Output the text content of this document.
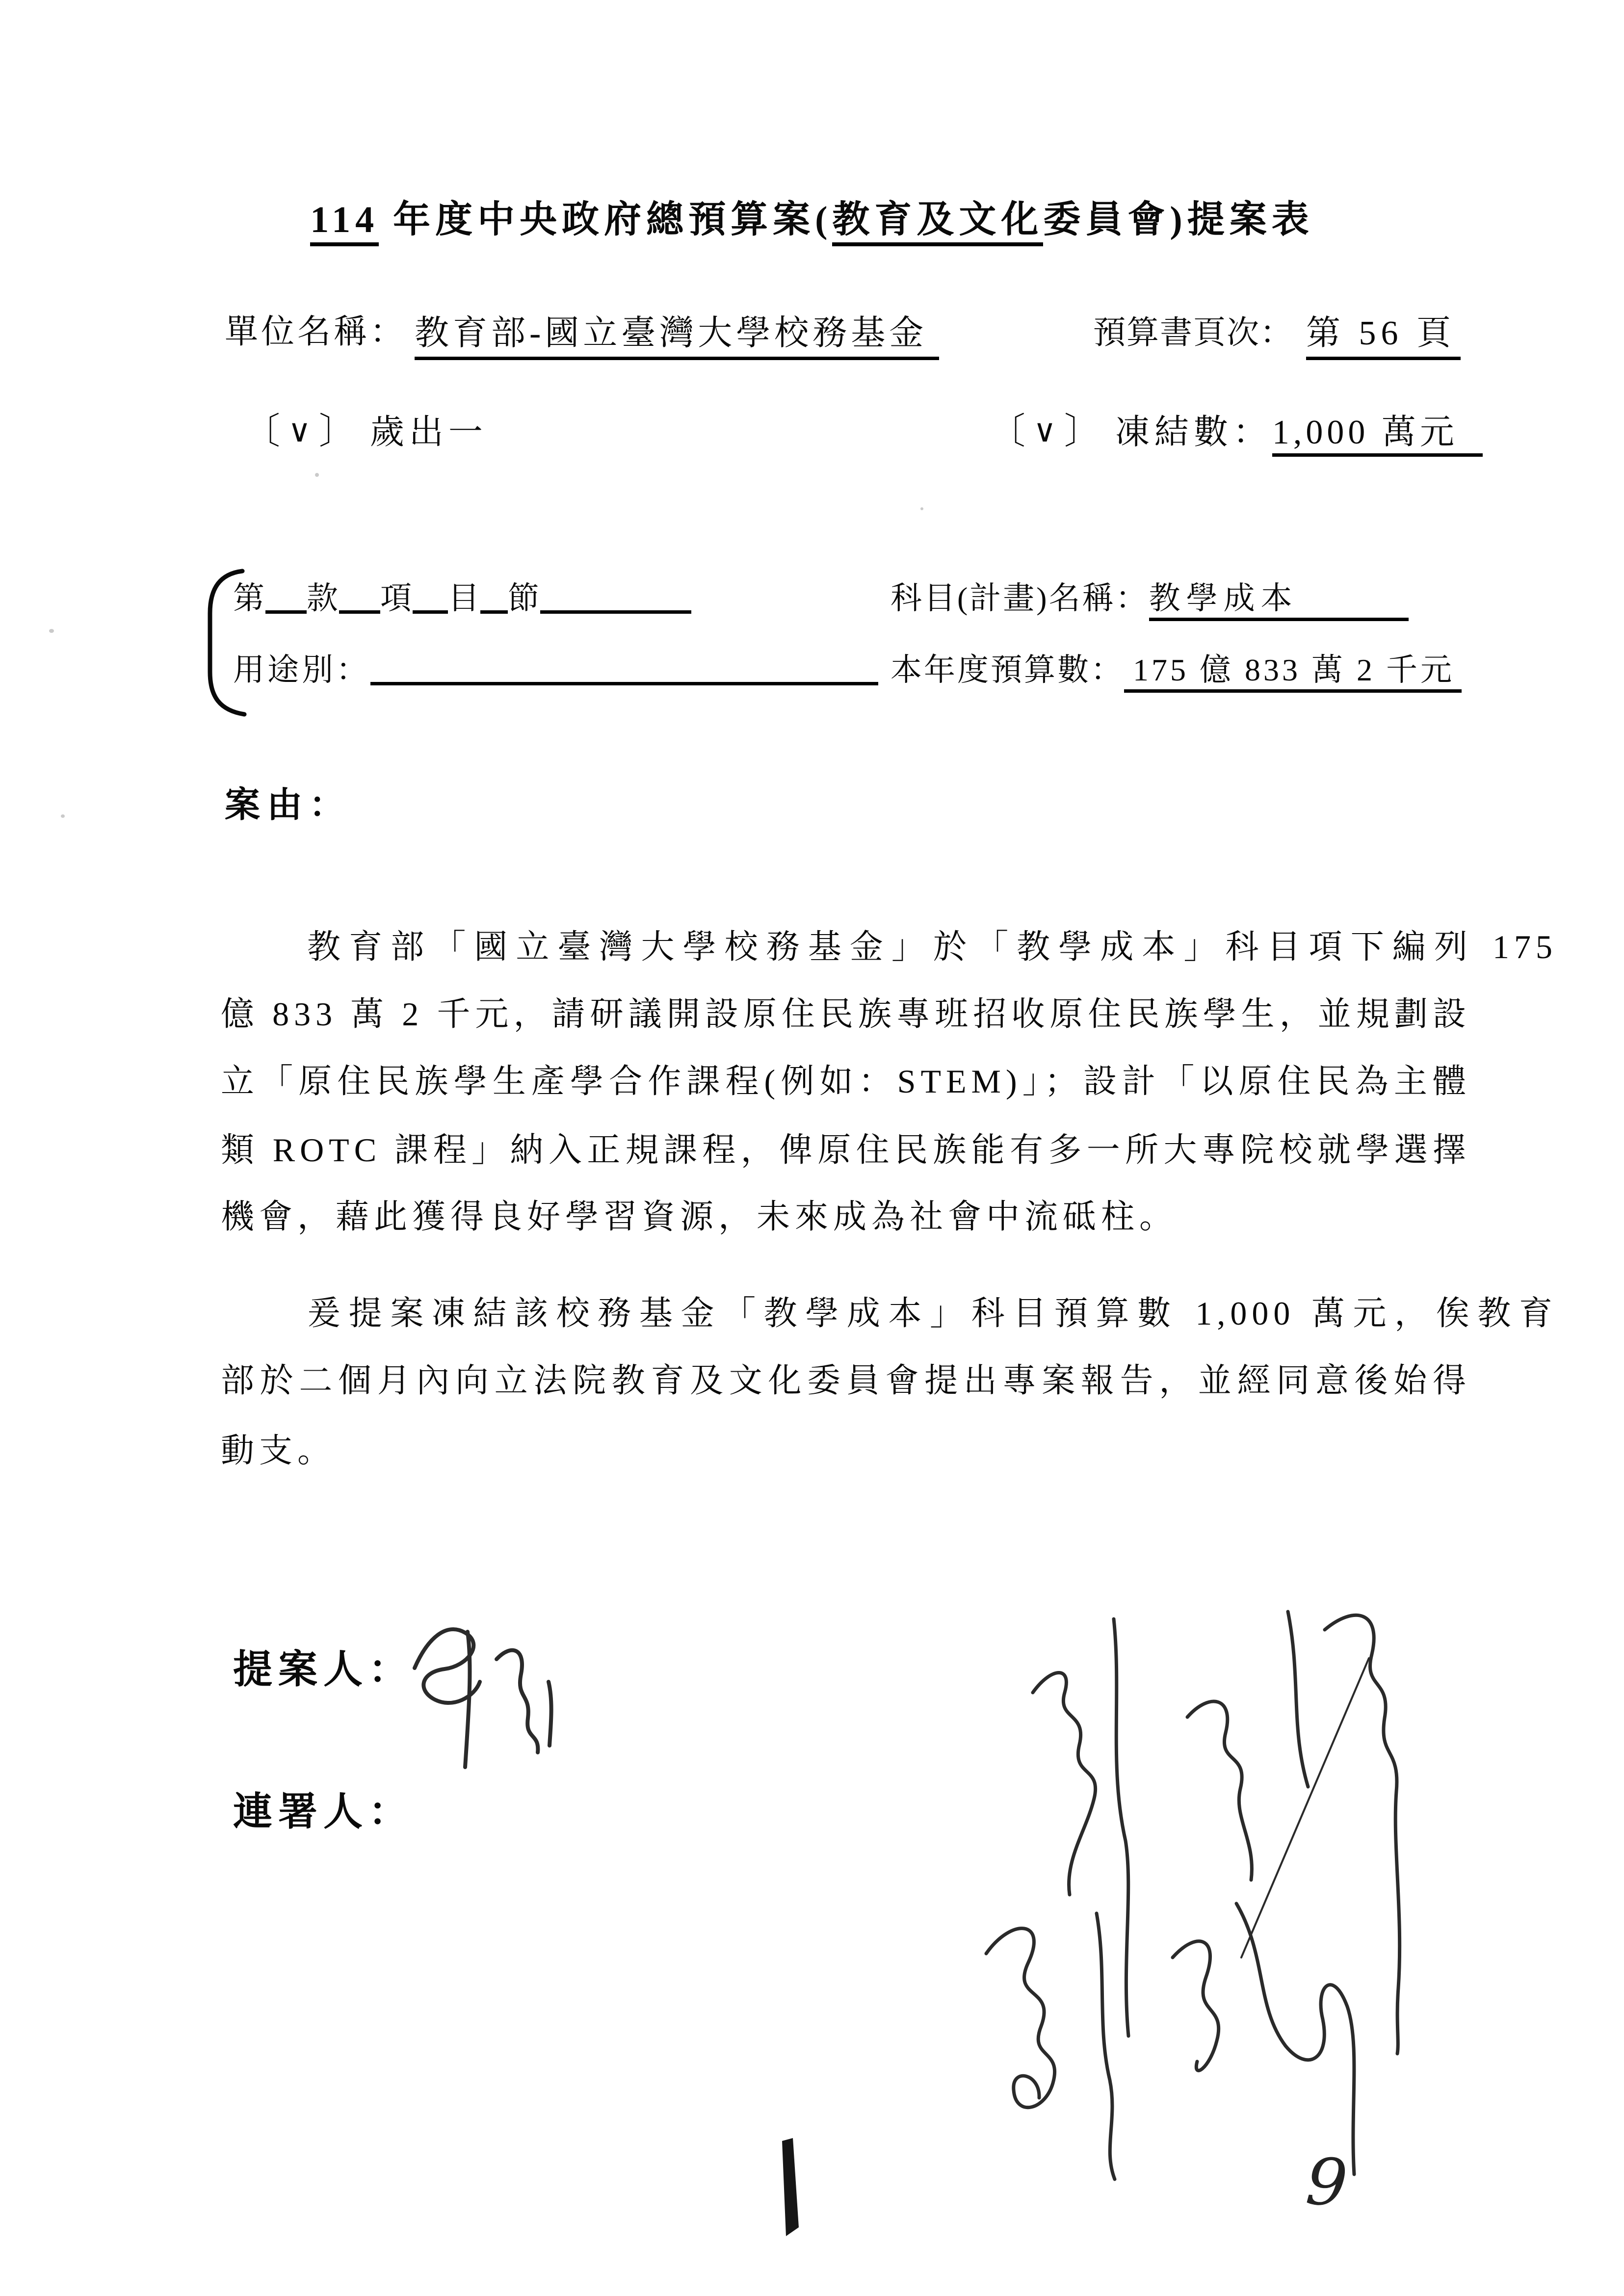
114 年度中央政府總預算案(教育及文化委員會)提案表
單位名稱： 教育部-國立臺灣大學校務基金	預算書頁次： 第 56 頁
〔 ∨ 〕 歲出一	〔 ∨ 〕 凍結數：1,000 萬元
第 款 項 目 節	科目(計畫)名稱：教學成本
用途別：	本年度預算數： 175 億 833 萬 2 千元
案由：
教育部「國立臺灣大學校務基金」於「教學成本」科目項下編列 175
億 833 萬 2 千元，請研議開設原住民族專班招收原住民族學生，並規劃設
立「原住民族學生產學合作課程(例如：STEM)」；設計「以原住民為主體
類 ROTC 課程」納入正規課程，俾原住民族能有多一所大專院校就學選擇
機會，藉此獲得良好學習資源，未來成為社會中流砥柱。
爰提案凍結該校務基金「教學成本」科目預算數 1,000 萬元，俟教育
部於二個月內向立法院教育及文化委員會提出專案報告，並經同意後始得
動支。
提案人：
連署人：
9
